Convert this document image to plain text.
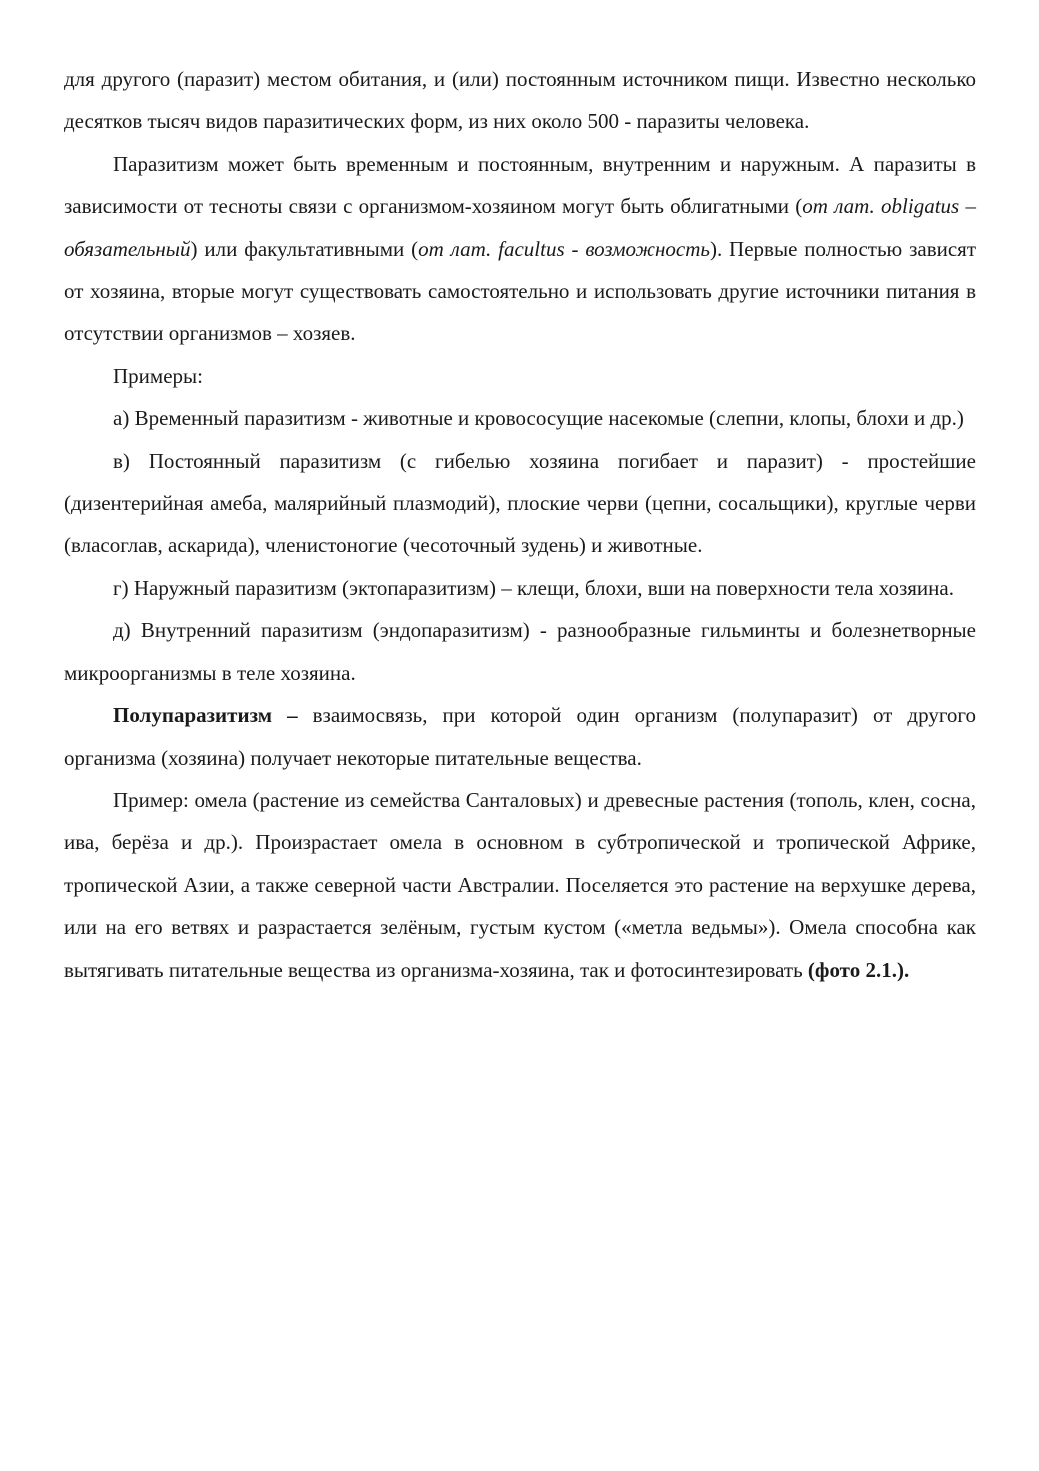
для другого (паразит) местом обитания, и (или) постоянным источником пищи. Известно несколько десятков тысяч видов паразитических форм, из них около 500 - паразиты человека.

Паразитизм может быть временным и постоянным, внутренним и наружным. А паразиты в зависимости от тесноты связи с организмом-хозяином могут быть облигатными (от лат. obligatus – обязательный) или факультативными (от лат. facultus - возможность). Первые полностью зависят от хозяина, вторые могут существовать самостоятельно и использовать другие источники питания в отсутствии организмов – хозяев.

Примеры:

а) Временный паразитизм - животные и кровососущие насекомые (слепни, клопы, блохи и др.)

в) Постоянный паразитизм (с гибелью хозяина погибает и паразит) - простейшие (дизентерийная амеба, малярийный плазмодий), плоские черви (цепни, сосальщики), круглые черви (власоглав, аскарида), членистоногие (чесоточный зудень) и животные.

г) Наружный паразитизм (эктопаразитизм) – клещи, блохи, вши на поверхности тела хозяина.

д) Внутренний паразитизм (эндопаразитизм) - разнообразные гильминты и болезнетворные микроорганизмы в теле хозяина.

Полупаразитизм – взаимосвязь, при которой один организм (полупаразит) от другого организма (хозяина) получает некоторые питательные вещества.

Пример: омела (растение из семейства Санталовых) и древесные растения (тополь, клен, сосна, ива, берёза и др.). Произрастает омела в основном в субтропической и тропической Африке, тропической Азии, а также северной части Австралии. Поселяется это растение на верхушке дерева, или на его ветвях и разрастается зелёным, густым кустом («метла ведьмы»). Омела способна как вытягивать питательные вещества из организма-хозяина, так и фотосинтезировать (фото 2.1.).
